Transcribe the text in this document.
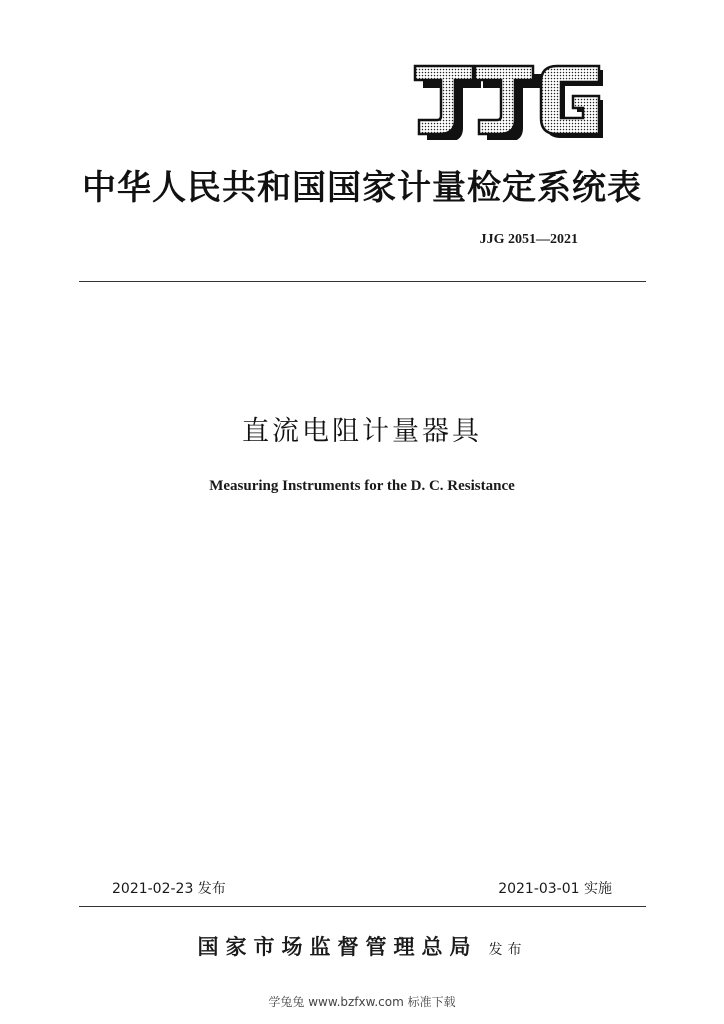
中华人民共和国国家计量检定系统表
JJG 2051—2021
直流电阻计量器具
Measuring Instruments for the D. C. Resistance
2021-02-23 发布	2021-03-01 实施
国家市场监督管理总局 发布
学兔兔 www.bzfxw.com 标准下载
